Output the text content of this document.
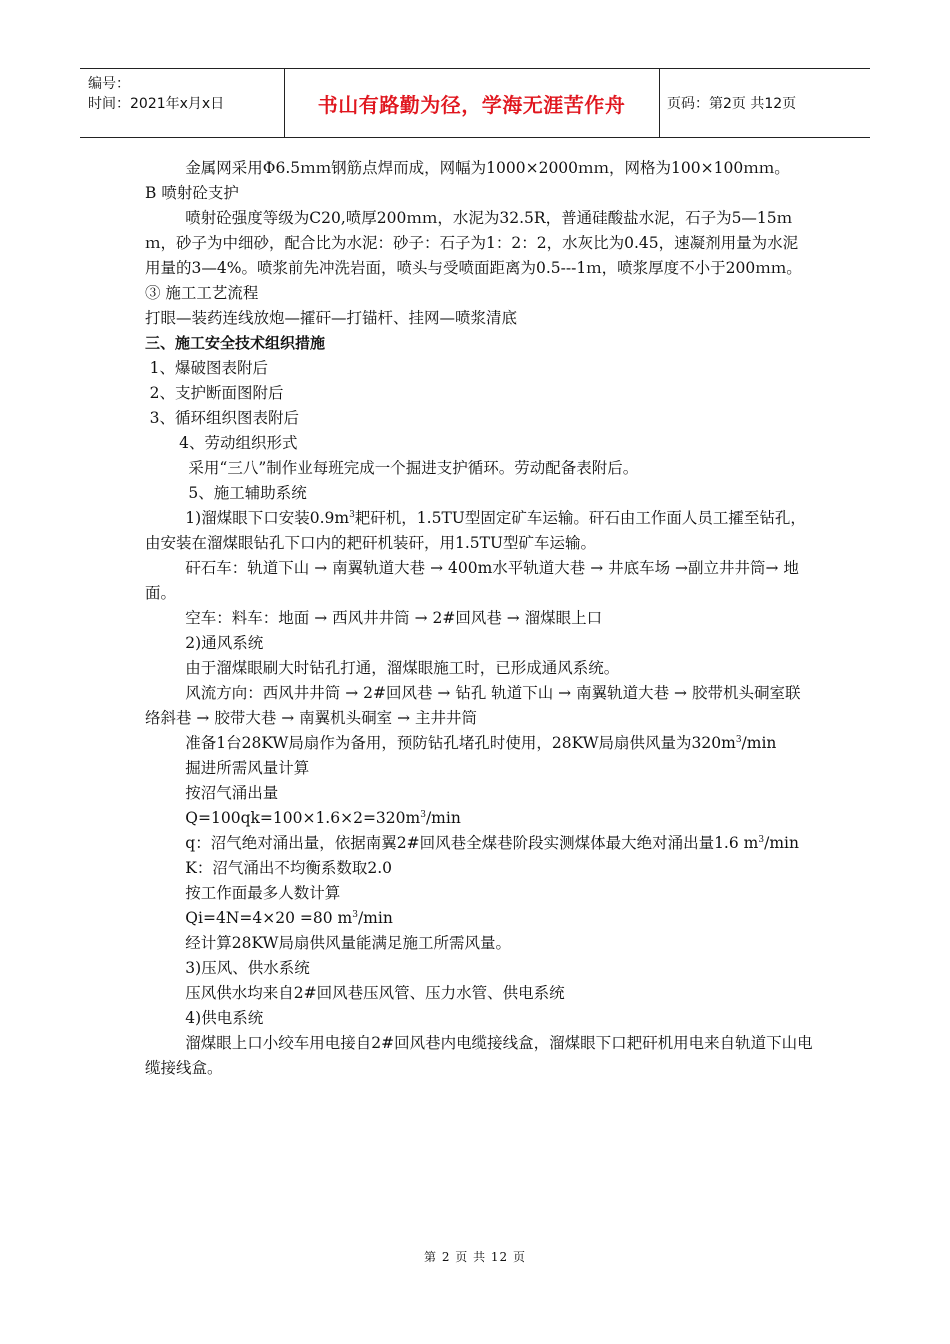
编号：
时间：2021年x月x日	书山有路勤为径，学海无涯苦作舟	页码：第2页 共12页

金属网采用Φ6.5ｍｍ钢筋点焊而成，网幅为1000×2000ｍｍ，网格为100×100ｍｍ。

B 喷射砼支护

喷射砼强度等级为C20,喷厚200ｍｍ，水泥为32.5R，普通硅酸盐水泥，石子为5—15ｍｍ，砂子为中细砂，配合比为水泥：砂子：石子为1：2：2，水灰比为0.45，速凝剂用量为水泥用量的3—4%。喷浆前先冲洗岩面，喷头与受喷面距离为0.5---1ｍ，喷浆厚度不小于200ｍｍ。

③ 施工工艺流程

打眼—装药连线放炮—攉矸—打锚杆、挂网—喷浆清底

三、施工安全技术组织措施

1、爆破图表附后

2、支护断面图附后

3、循环组织图表附后

4、劳动组织形式

采用“三八”制作业每班完成一个掘进支护循环。劳动配备表附后。

5、施工辅助系统

1)溜煤眼下口安装$0.9m^3$耙矸机，1.5TU型固定矿车运输。矸石由工作面人员工攉至钻孔，由安装在溜煤眼钻孔下口内的耙矸机装矸，用1.5TU型矿车运输。

矸石车：轨道下山 → 南翼轨道大巷 → 400m水平轨道大巷 → 井底车场 →副立井井筒→ 地面。

空车：料车：地面 → 西风井井筒 → 2#回风巷 → 溜煤眼上口

2)通风系统

由于溜煤眼刷大时钻孔打通，溜煤眼施工时，已形成通风系统。

风流方向：西风井井筒 → 2#回风巷 → 钻孔 轨道下山 → 南翼轨道大巷 → 胶带机头硐室联络斜巷 → 胶带大巷 → 南翼机头硐室 → 主井井筒

准备1台28KW局扇作为备用，预防钻孔堵孔时使用，28KW局扇供风量为$320m^3/\min$

掘进所需风量计算

按沼气涌出量

$Q=100qk=100\times 1.6\times 2=320m^3/\min$

q：沼气绝对涌出量，依据南翼2#回风巷全煤巷阶段实测煤体最大绝对涌出量1.6 $m^3/\min$

K：沼气涌出不均衡系数取2.0

按工作面最多人数计算

Qi=4N=4×20 =80 $m^3/\min$

经计算28KW局扇供风量能满足施工所需风量。

3)压风、供水系统

压风供水均来自2#回风巷压风管、压力水管、供电系统

4)供电系统

溜煤眼上口小绞车用电接自2#回风巷内电缆接线盒，溜煤眼下口耙矸机用电来自轨道下山电缆接线盒。

第 2 页 共 12 页
